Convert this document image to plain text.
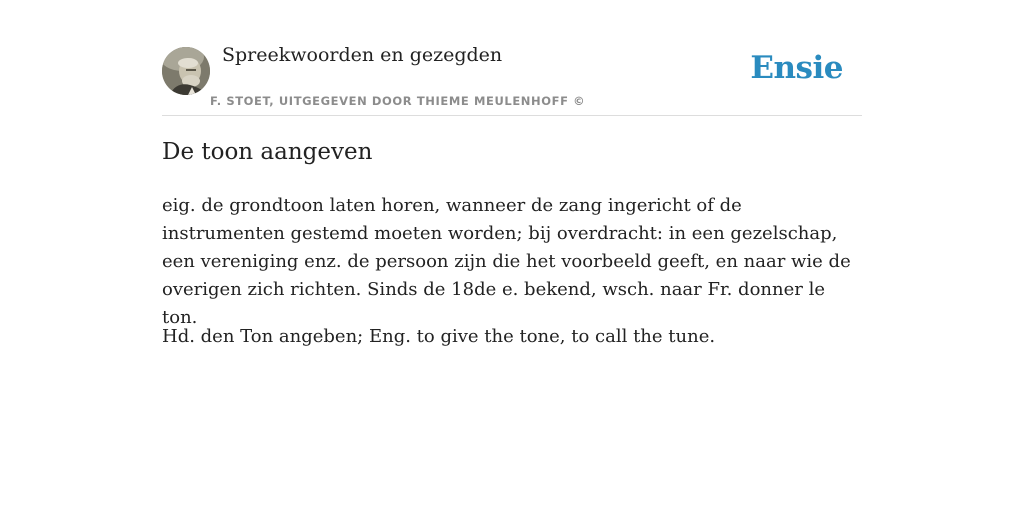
Spreekwoorden en gezegden
F. STOET, UITGEGEVEN DOOR THIEME MEULENHOFF ©
Ensie
De toon aangeven

eig. de grondtoon laten horen, wanneer de zang ingericht of de instrumenten gestemd moeten worden; bij overdracht: in een gezelschap, een vereniging enz. de persoon zijn die het voorbeeld geeft, en naar wie de overigen zich richten. Sinds de 18de e. bekend, wsch. naar Fr. donner le ton.

Hd. den Ton angeben; Eng. to give the tone, to call the tune.
